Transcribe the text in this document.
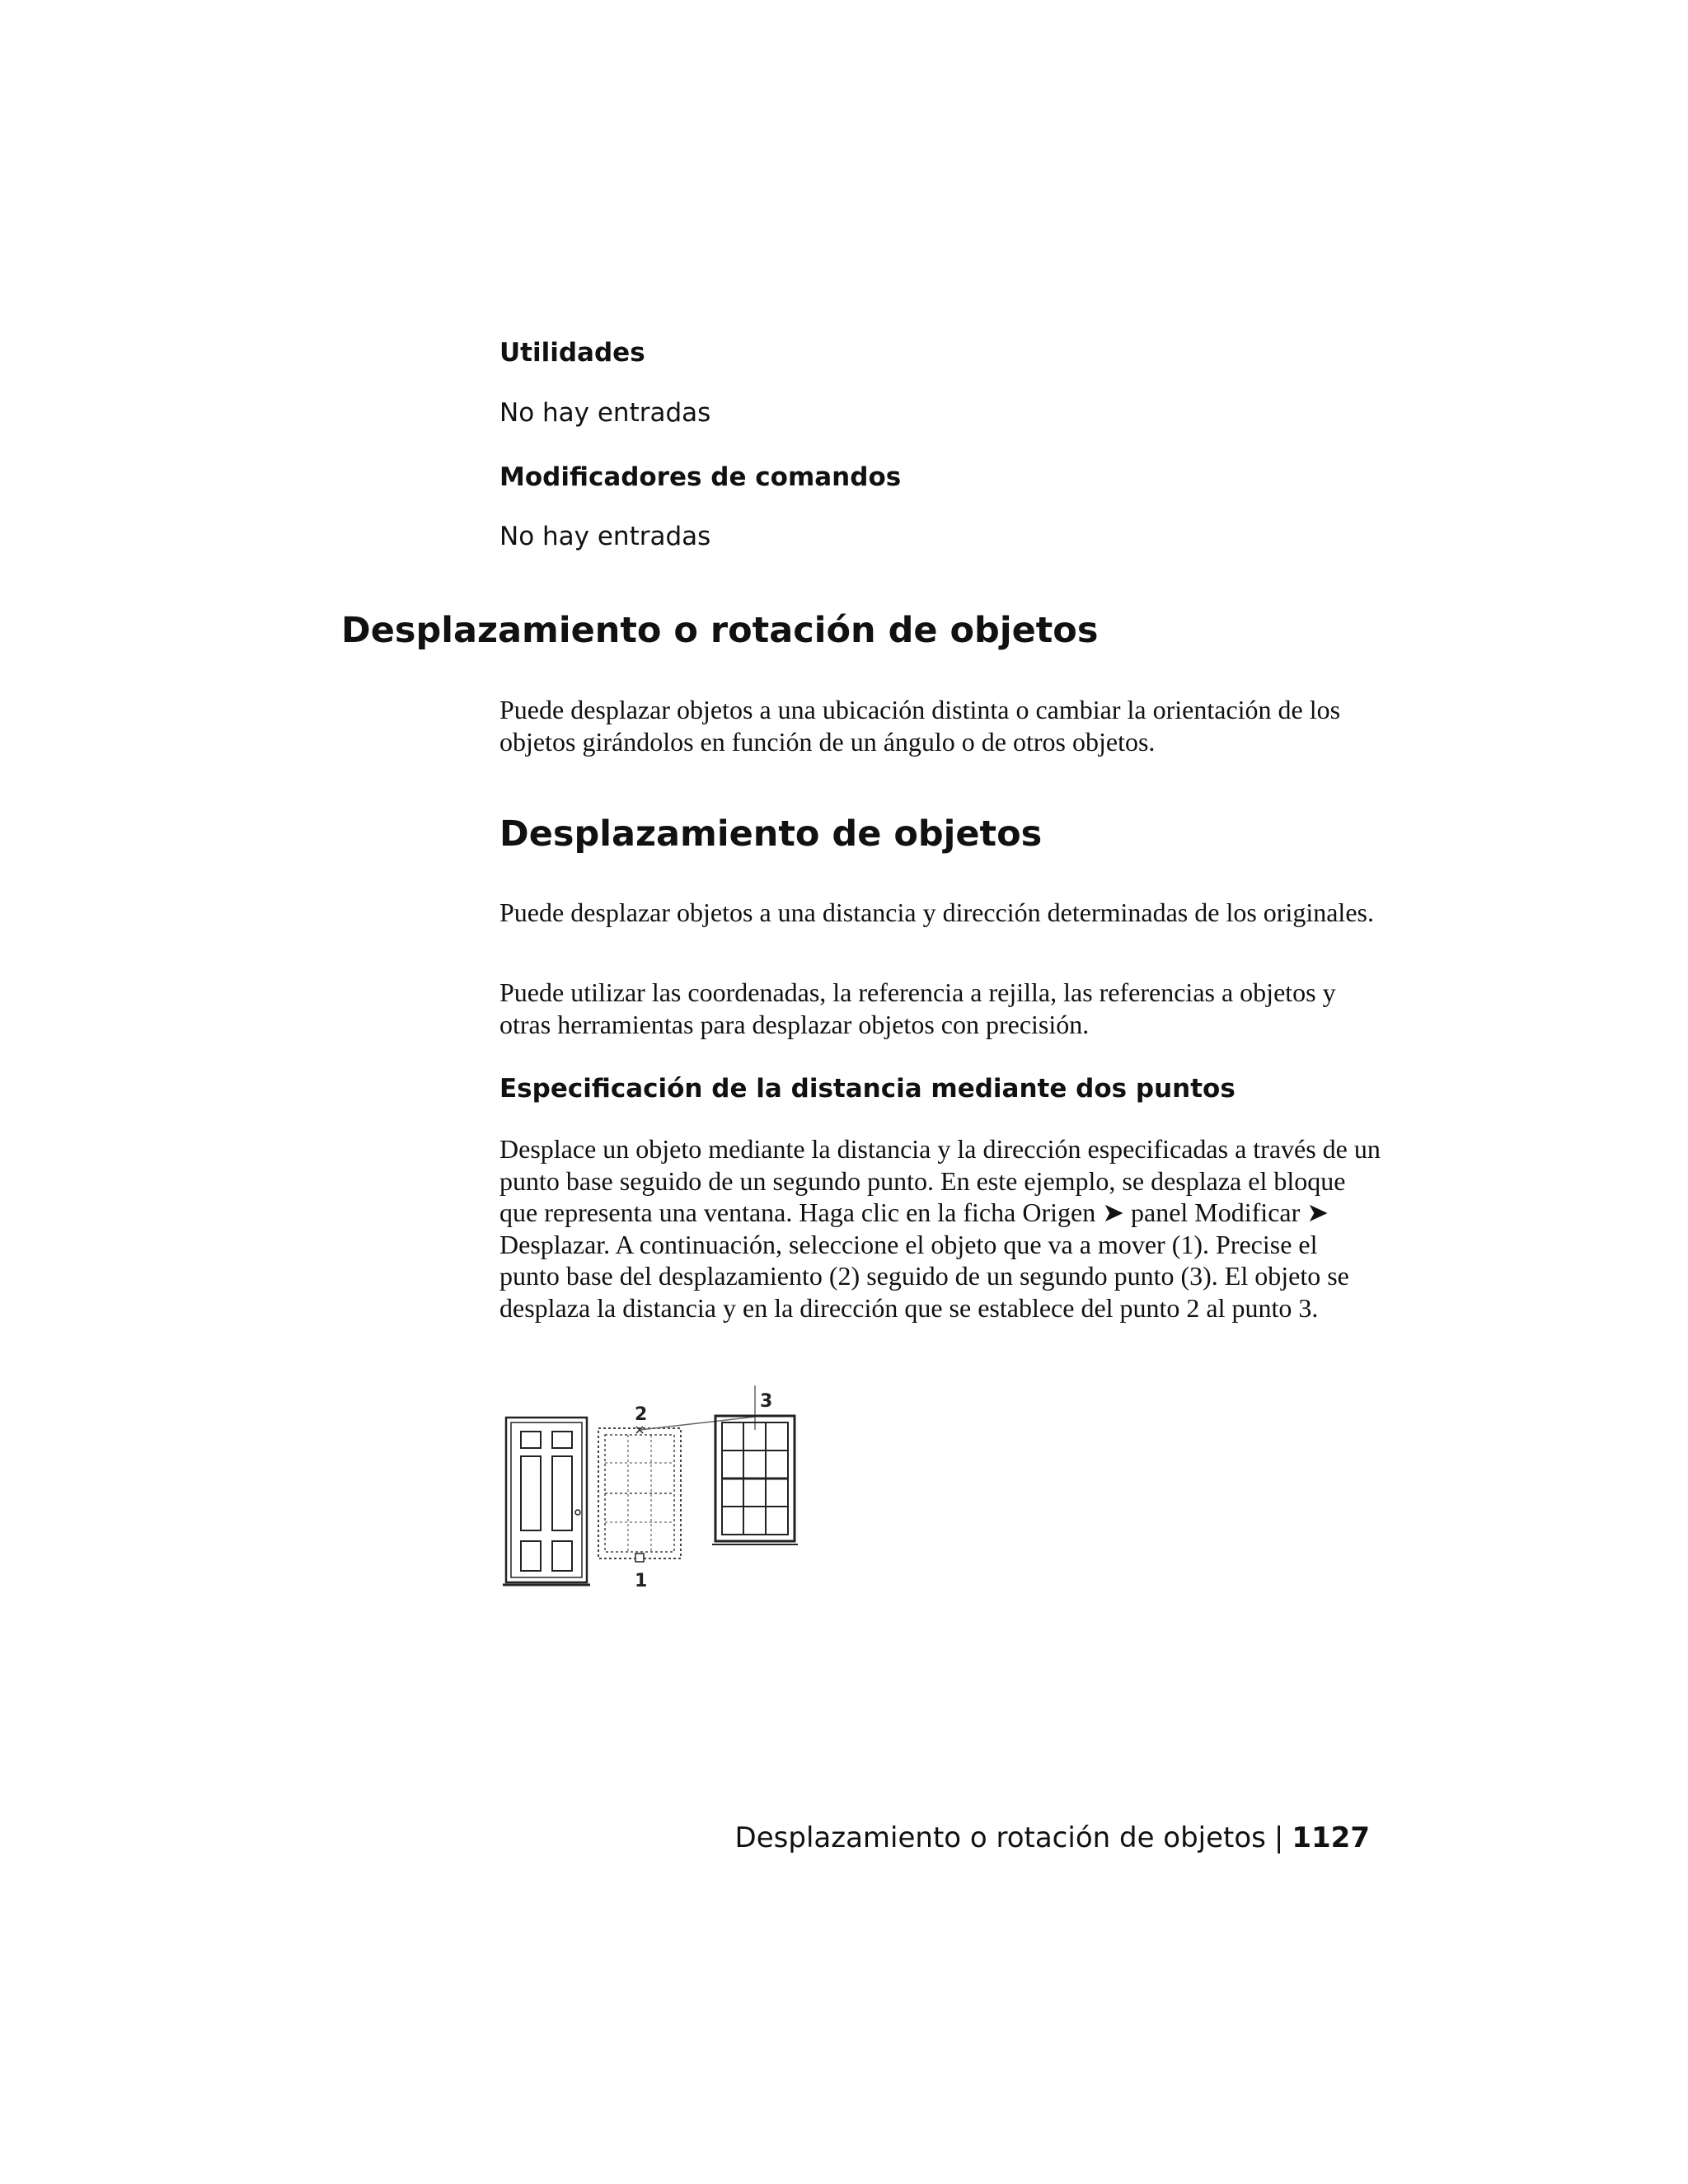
Utilidades
No hay entradas
Modificadores de comandos
No hay entradas
Desplazamiento o rotación de objetos

Puede desplazar objetos a una ubicación distinta o cambiar la orientación de los objetos girándolos en función de un ángulo o de otros objetos.

Desplazamiento de objetos

Puede desplazar objetos a una distancia y dirección determinadas de los originales.

Puede utilizar las coordenadas, la referencia a rejilla, las referencias a objetos y otras herramientas para desplazar objetos con precisión.

Especificación de la distancia mediante dos puntos

Desplace un objeto mediante la distancia y la dirección especificadas a través de un punto base seguido de un segundo punto. En este ejemplo, se desplaza el bloque que representa una ventana. Haga clic en la ficha Origen ➤ panel Modificar ➤ Desplazar. A continuación, seleccione el objeto que va a mover (1). Precise el punto base del desplazamiento (2) seguido de un segundo punto (3). El objeto se desplaza la distancia y en la dirección que se establece del punto 2 al punto 3.

2
3
1
Desplazamiento o rotación de objetos | 1127
